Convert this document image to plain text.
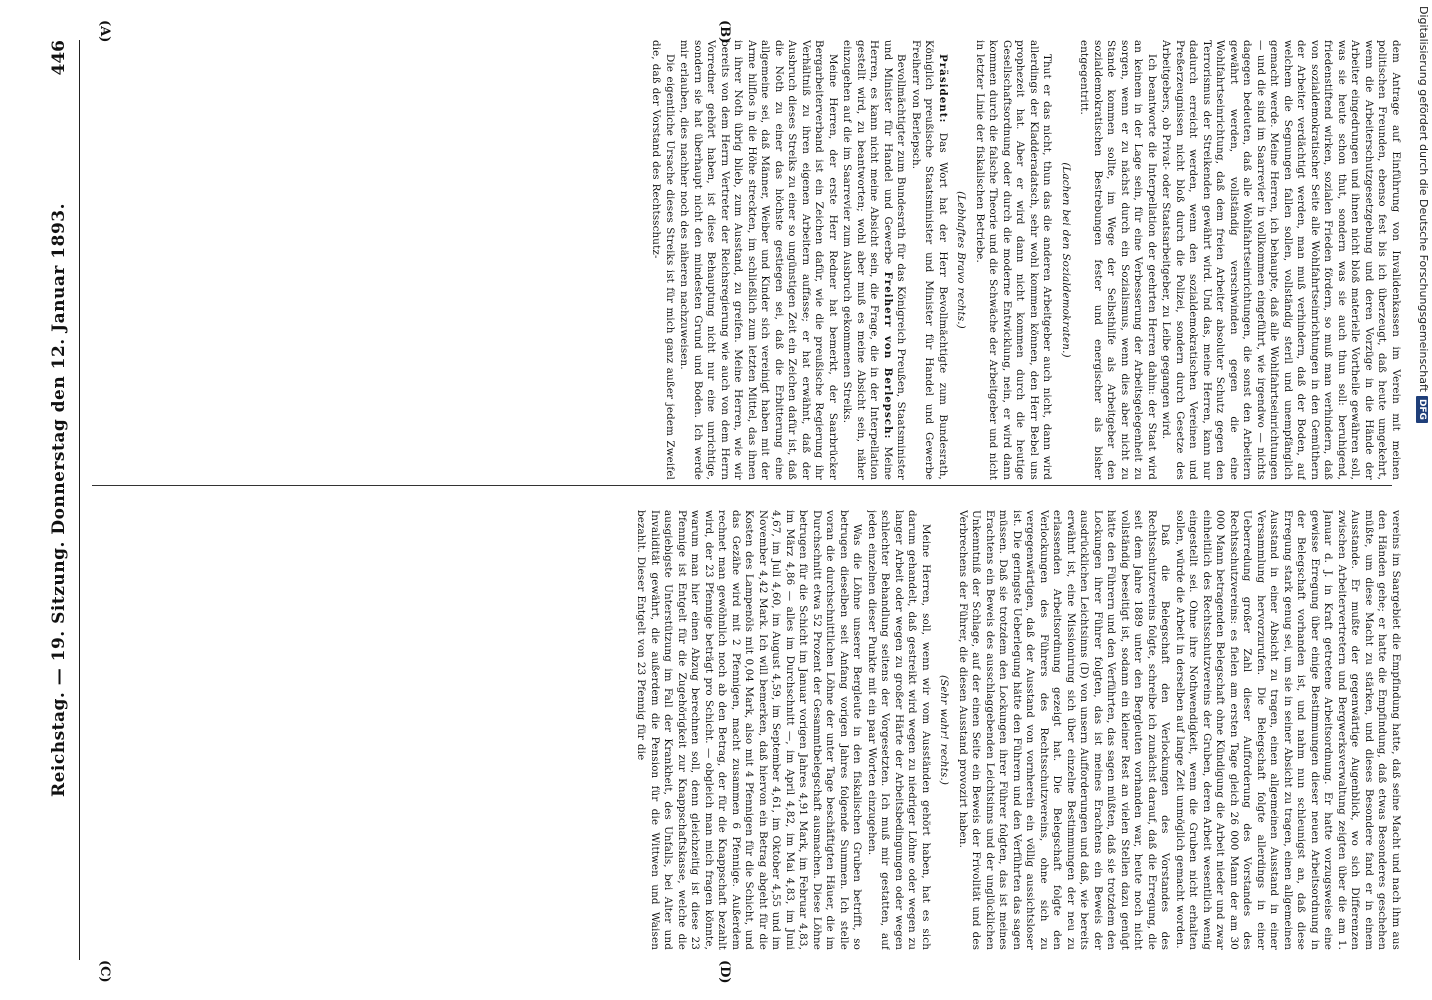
Digitalisierung gefördert durch die Deutsche ForschungsgemeinschaftDFG

dem Antrage auf Einführung von Invalidenkassen im Verein mit meinen politischen Freunden, ebenso fest bis ich überzeugt, daß heute umgekehrt, wenn die Arbeiterschutzgesetzgebung und deren Vorzüge in die Hände der Arbeiter eingedrungen und ihnen nicht bloß materielle Vortheile gewähren soll, was sie heute schon thut, sondern was sie auch thun soll: beruhigend, friedenstiftend wirken, sozialen Frieden fördern, so muß man verhindern, daß von sozialdemokratischer Seite alle Wohlfahrtseinrichtungen in den Gemüthern der Arbeiter verdächtigt werden, man muß verhindern, daß der Boden, auf welchem die Segnungen fallen sollen, vollständig steril und unempfänglich gemacht werde. Meine Herren, ich behaupte, daß alle Wohlfahrtseinrichtungen — und die sind im Saarrevier in vollkommen eingeführt, wie irgendwo — nichts dagegen bedeuten, daß alle Wohlfahrtseinrichtungen, die sonst den Arbeitern gewährt werden, vollständig verschwinden gegen die eine Wohlfahrtseinrichtung, daß dem freien Arbeiter absoluter Schutz gegen den Terrorismus der Streikenden gewährt wird. Und das, meine Herren, kann nur dadurch erreicht werden, wenn den sozialdemokratischen Vereinen und Preßerzeugnissen nicht bloß durch die Polizei, sondern durch Gesetze des Arbeitgebers, ob Privat- oder Staatsarbeitgeber, zu Leibe gegangen wird.

Ich beantworte die Interpellation der geehrten Herren dahin: der Staat wird an keinem in der Lage sein, für eine Verbesserung der Arbeitsgelegenheit zu sorgen, wenn er zu nächst durch ein Sozialismus, wenn dies aber nicht zu Stande kommen sollte, im Wege der Selbsthilfe als Arbeitgeber den sozialdemokratischen Bestrebungen fester und energischer als bisher entgegentritt.

(Lachen bei den Sozialdemokraten.)

Thut er das nicht, thun das die anderen Arbeitgeber auch nicht, dann wird allerdings der Kladderadatsch, sehr wohl kommen können, den Herr Bebel uns prophezeit hat. Aber er wird dann nicht kommen durch die heutige Gesellschaftsordnung oder durch die moderne Entwicklung, nein, er wird dann kommen durch die falsche Theorie und die Schwäche der Arbeitgeber und nicht in letzter Linie der fiskalischen Betriebe.

(Lebhaftes Bravo rechts.)

Präsident: Das Wort hat der Herr Bevollmächtigte zum Bundesrath, Königlich preußische Staatsminister und Minister für Handel und Gewerbe Freiherr von Berlepsch.

Bevollmächtigter zum Bundesrath für das Königreich Preußen, Staatsminister und Minister für Handel und Gewerbe Freiherr von Berlepsch: Meine Herren, es kann nicht meine Absicht sein, die Frage, die in der Interpellation gestellt wird, zu beantworten; wohl aber muß es meine Absicht sein, näher einzugehen auf die im Saarrevier zum Ausbruch gekommenen Streiks.

Meine Herren, der erste Herr Redner hat bemerkt, der Saarbrücker Bergarbeiterverband ist ein Zeichen dafür, wie die preußische Regierung ihr Verhältniß zu ihren eigenen Arbeitern auffasse; er hat erwähnt, daß der Ausbruch dieses Streiks zu einer so ungünstigen Zeit ein Zeichen dafür ist, daß die Noth zu einer das höchste gestiegen sei, daß die Erbitterung eine allgemeine sei, daß Männer, Weiber und Kinder sich vereinigt haben mit der Arme hilflos in die Höhe streckten, im schließlich zum letzten Mittel, das ihnen in ihrer Noth übrig blieb, zum Ausstand, zu greifen. Meine Herren, wie wir bereits von dem Herrn Vertreter der Reichsregierung wie auch von dem Herrn Vorredner gehört haben, ist diese Behauptung nicht nur eine unrichtige, sondern sie hat überhaupt nicht den mindesten Grund und Boden. Ich werde mir erlauben, dies nachher noch des näheren nachzuweisen.

Die eigentliche Ursache dieses Streiks ist für mich ganz außer jedem Zweifel die, daß der Vorstand des Rechtsschutz-

vereins im Saargebiet die Empfindung hatte, daß seine Macht und nach ihm aus den Händen gehe; er hatte die Empfindung, daß etwas Besonderes geschehen müßte, um diese Macht zu stärken, und dieses Besondere fand er in einem Ausstande. Er mußte der gegenwärtige Augenblick, wo sich Differenzen zwischen Arbeitervertretern und Bergwerksverwaltung zeigten über die am 1. Januar d. J. in Kraft getretene Arbeitsordnung. Er hatte vorzugsweise eine gewisse Erregung über einige Bestimmungen dieser neuen Arbeitsordnung in der Belegschaft vorhanden ist, und nahm nun schleunigst an, daß diese Erregung stark genug sei, um sie in seiner Absicht zu tragen, einen allgemeinen Ausstand in einer Absicht zu tragen, einen allgemeinen Ausstand in einer Versammlung hervorzurufen. Die Belegschaft folgte allerdings in einer Ueberredung großer Zahl dieser Aufforderung des Vorstandes des Rechtsschutzvereins: es fielen am ersten Tage gleich 26 000 Mann der am 30 000 Mann betragenden Belegschaft ohne Kündigung die Arbeit nieder und zwar einheitlich des Rechtsschutzvereins der Gruben, deren Arbeit wesentlich wenig eingestellt sei. Ohne ihre Nothwendigkeit, wenn die Gruben nicht erhalten sollen, würde die Arbeit in derselben auf lange Zeit unmöglich gemacht worden.

Daß die Belegschaft den Verlockungen des Vorstandes des Rechtsschutzvereins folgte, schreibe ich zunächst darauf, daß die Erregung, die seit dem Jahre 1889 unter den Bergleuten vorhanden war, heute noch nicht vollständig beseitigt ist, sodann ein kleiner Rest an vielen Stellen dazu genügt hätte den Führern und den Verführten, das sagen müßten, daß sie trotzdem den Lockungen ihrer Führer folgten, das ist meines Erachtens ein Beweis der ausdrücklichen Leichtsinns (D) von unsern Aufforderungen und daß, wie bereits erwähnt ist, eine Missionirung sich über einzelne Bestimmungen der neu zu erlassenden Arbeitsordnung gezeigt hat. Die Belegschaft folgte den Verlockungen des Führers des Rechtsschutzvereins, ohne sich zu vergegenwärtigen, daß der Ausstand von vornherein ein völlig aussichtsloser ist. Die geringste Ueberlegung hätte den Führern und den Verführten das sagen müssen. Daß sie trotzdem den Lockungen ihrer Führer folgten, das ist meines Erachtens ein Beweis des ausschlaggebenden Leichtsinns und der unglücklichen Unkenntniß der Schlage, auf der einen Seite ein Beweis der Frivolität und des Verbrechens der Führer, die diesen Ausstand provozirt haben.

(Sehr wahr! rechts.)

Meine Herren, soll, wenn wir vom Ausständen gehört haben, hat es sich darum gehandelt, daß gestreikt wird wegen zu niedriger Löhne oder wegen zu langer Arbeit oder wegen zu großer Härte der Arbeitsbedingungen oder wegen schlechter Behandlung seitens der Vorgesetzten. Ich muß mir gestatten, auf jeden einzelnen dieser Punkte mit ein paar Worten einzugehen.

Was die Löhne unserer Bergleute in den fiskalischen Gruben betrifft, so betrugen dieselben seit Anfang vorigen Jahres folgende Summen. Ich stelle voran die durchschnittlichen Löhne der unter Tage beschäftigten Häuer, die im Durchschnitt etwa 52 Prozent der Gesammtbelegschaft ausmachen. Diese Löhne betrugen für die Schicht im Januar vorigen Jahres 4,91 Mark, im Februar 4,83, im März 4,86 — alles im Durchschnitt —, im April 4,82, im Mai 4,83, im Juni 4,67, im Juli 4,60, im August 4,59, im September 4,61, im Oktober 4,55 und im November 4,42 Mark. Ich will bemerken, daß hiervon ein Betrag abgeht für die Kosten des Lampenöls mit 0,04 Mark, also mit 4 Pfennigen für die Schicht, und das Gezähe wird mit 2 Pfennigen, macht zusammen 6 Pfennige. Außerdem rechnet man gewöhnlich noch ab den Betrag, der für die Knappschaft bezahlt wird, der 23 Pfennige beträgt pro Schicht. — obgleich man mich fragen könnte, warum man hier einen Abzug berechnen soll, denn gleichzeitig ist diese 23 Pfennige ist Entgelt für die Zugehörigkeit zur Knappschaftskasse, welche die ausgiebigste Unterstützung im Fall der Krankheit, des Unfalls, bei Alter und Invalidität gewährt, die außerdem die Pension für die Wittwen und Waisen bezahlt. Dieser Entgelt von 23 Pfennig für die

(A)	(B)
(C)	(D)
Reichstag. — 19. Sitzung. Donnerstag den 12. Januar 1893.
446
